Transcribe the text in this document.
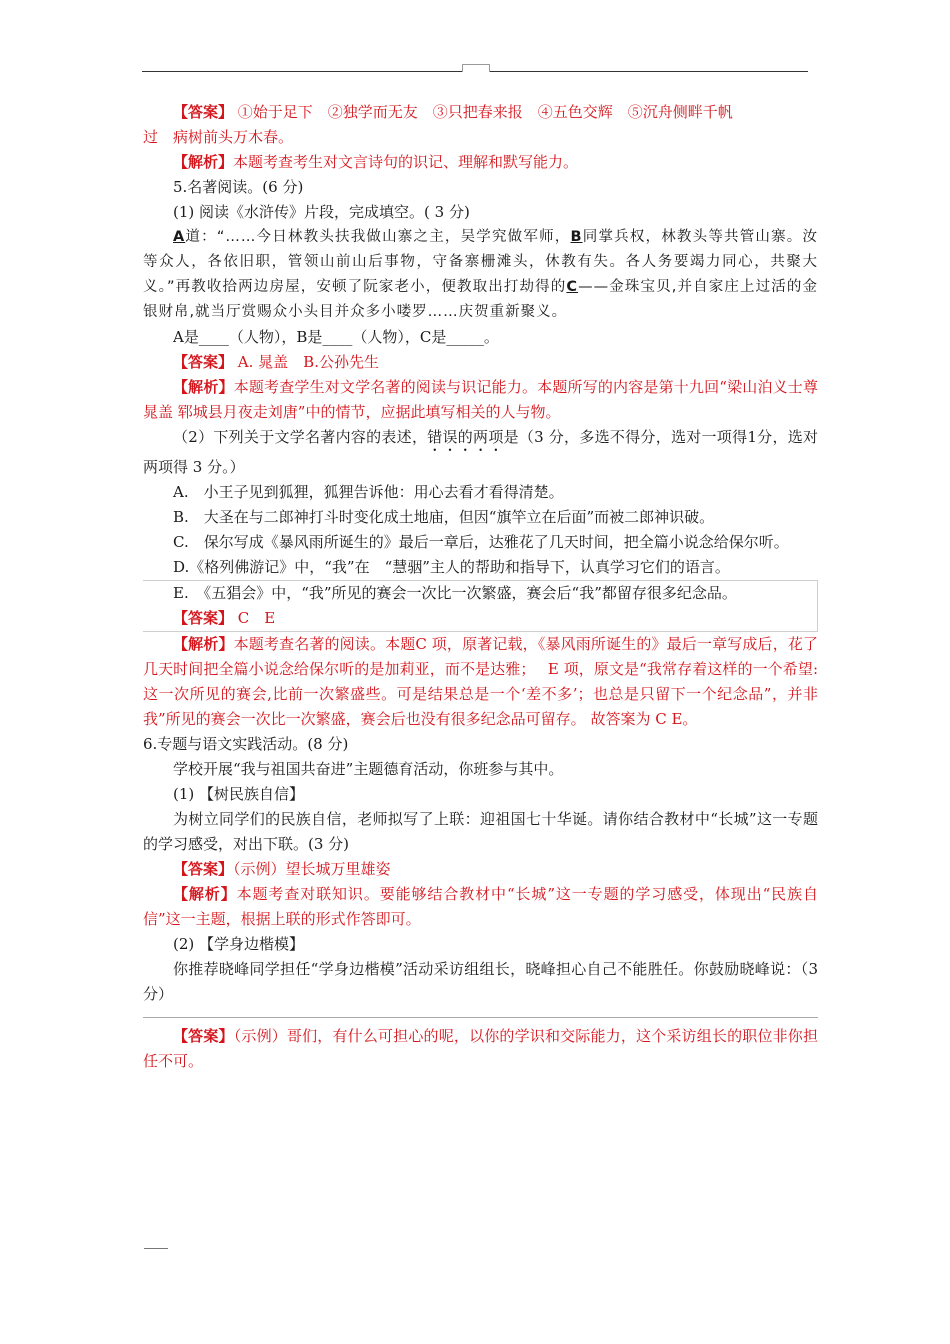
【答案】 ①始于足下　②独学而无友　③只把春来报　④五色交辉　⑤沉舟侧畔千帆

过　病树前头万木春。

【解析】本题考查考生对文言诗句的识记、理解和默写能力。

5.名著阅读。(6 分)

(1) 阅读《水浒传》片段，完成填空。( 3 分)

A道：“……今日林教头扶我做山寨之主，吴学究做军师，B同掌兵权，林教头等共管山寨。汝等众人，各依旧职，管领山前山后事物，守备寨栅滩头，休教有失。各人务要竭力同心，共聚大义。”再教收拾两边房屋，安顿了阮家老小，便教取出打劫得的C——金珠宝贝,并自家庄上过活的金银财帛,就当厅赏赐众小头目并众多小喽罗……庆贺重新聚义。

A是____（人物），B是____（人物），C是_____。

【答案】 A. 晁盖　B.公孙先生

【解析】本题考查学生对文学名著的阅读与识记能力。本题所写的内容是第十九回“梁山泊义士尊晁盖 郓城县月夜走刘唐”中的情节，应据此填写相关的人与物。

（2）下列关于文学名著内容的表述，错误的两项是（3 分，多选不得分，选对一项得1分，选对两项得 3 分。）

A.　小王子见到狐狸，狐狸告诉他：用心去看才看得清楚。

B.　大圣在与二郎神打斗时变化成土地庙，但因“旗竿立在后面”而被二郎神识破。

C.　保尔写成《暴风雨所诞生的》最后一章后，达雅花了几天时间，把全篇小说念给保尔听。

D.《格列佛游记》中，“我”在　“慧骃”主人的帮助和指导下，认真学习它们的语言。

E.　《五猖会》中，“我”所见的赛会一次比一次繁盛，赛会后“我”都留存很多纪念品。

【答案】 C　E

【解析】本题考查名著的阅读。本题C 项，原著记载，《暴风雨所诞生的》最后一章写成后，花了几天时间把全篇小说念给保尔听的是加莉亚，而不是达雅；　 E 项，原文是“我常存着这样的一个希望:这一次所见的赛会,比前一次繁盛些。可是结果总是一个‘差不多’；也总是只留下一个纪念品”，并非我”所见的赛会一次比一次繁盛，赛会后也没有很多纪念品可留存。 故答案为 C E。

6.专题与语文实践活动。(8 分)

学校开展“我与祖国共奋进”主题德育活动，你班参与其中。

(1) 【树民族自信】

为树立同学们的民族自信，老师拟写了上联：迎祖国七十华诞。请你结合教材中“长城”这一专题的学习感受，对出下联。(3 分)

【答案】（示例）望长城万里雄姿

【解析】本题考查对联知识。要能够结合教材中“长城”这一专题的学习感受，体现出“民族自信”这一主题，根据上联的形式作答即可。

(2) 【学身边楷模】

你推荐晓峰同学担任“学身边楷模”活动采访组组长，晓峰担心自己不能胜任。你鼓励晓峰说：（3 分）

【答案】（示例）哥们，有什么可担心的呢，以你的学识和交际能力，这个采访组长的职位非你担任不可。
